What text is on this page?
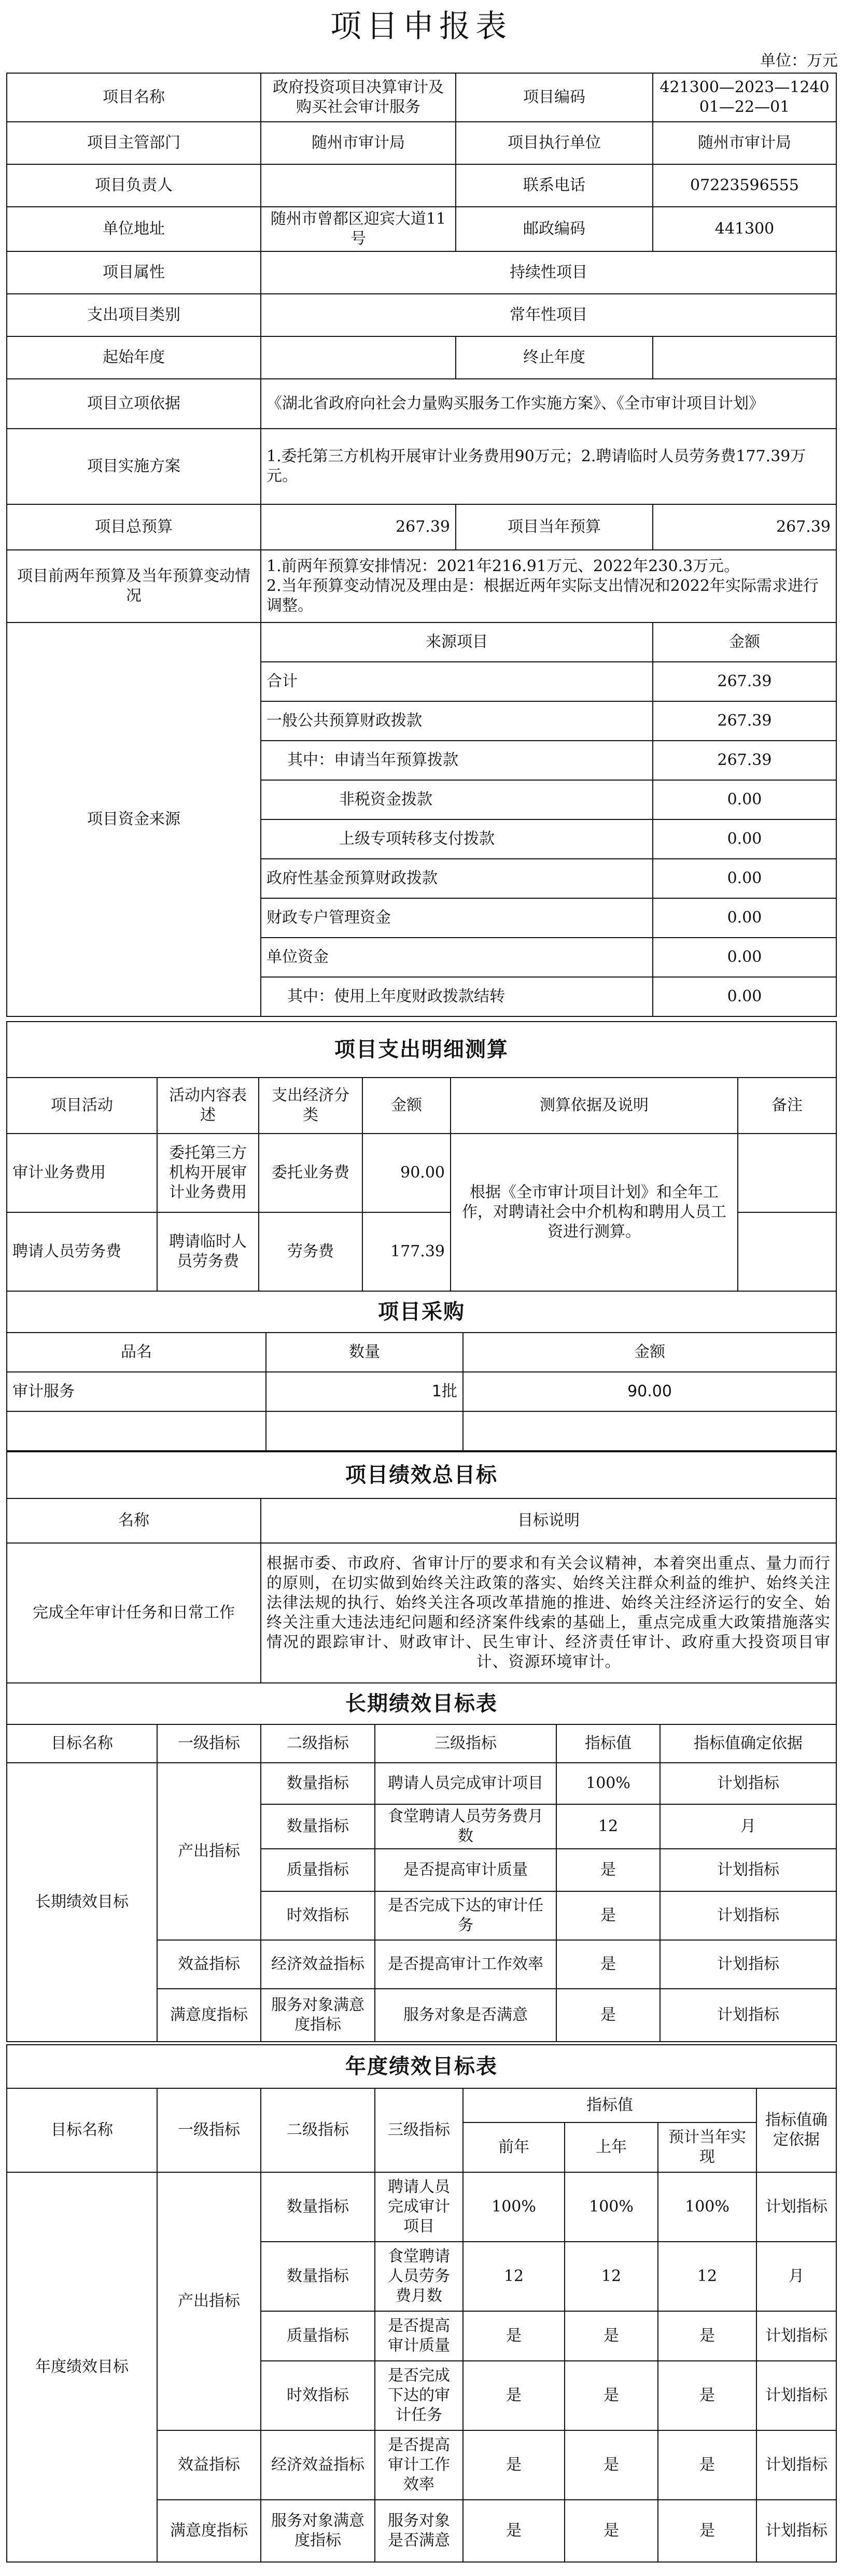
项目申报表
单位：万元
项目名称	政府投资项目决算审计及购买社会审计服务	项目编码	421300—2023—124001—22—01
项目主管部门	随州市审计局	项目执行单位	随州市审计局
项目负责人		联系电话	07223596555
单位地址	随州市曾都区迎宾大道11号	邮政编码	441300
项目属性	持续性项目		
支出项目类别	常年性项目		
起始年度		终止年度	
项目立项依据	《湖北省政府向社会力量购买服务工作实施方案》、《全市审计项目计划》		
项目实施方案	1.委托第三方机构开展审计业务费用90万元；2.聘请临时人员劳务费177.39万元。		
项目总预算	267.39	项目当年预算	267.39
项目前两年预算及当年预算变动情况	1.前两年预算安排情况：2021年216.91万元、2022年230.3万元。
2.当年预算变动情况及理由是：根据近两年实际支出情况和2022年实际需求进行调整。		

项目资金来源	来源项目		金额
	合计		267.39
	一般公共预算财政拨款		267.39
	其中：申请当年预算拨款		267.39
	非税资金拨款		0.00
	上级专项转移支付拨款		0.00
	政府性基金预算财政拨款		0.00
	财政专户管理资金		0.00
	单位资金		0.00
	其中：使用上年度财政拨款结转		0.00
项目支出明细测算					
项目活动	活动内容表述	支出经济分类	金额	测算依据及说明	备注
审计业务费用	委托第三方机构开展审计业务费用	委托业务费	90.00	根据《全市审计项目计划》和全年工作，对聘请社会中介机构和聘用人员工资进行测算。	
聘请人员劳务费	聘请临时人员劳务费	劳务费	177.39		
项目采购		
品名	数量	金额
审计服务	1批	90.00

项目绩效总目标	
名称	目标说明
完成全年审计任务和日常工作	根据市委、市政府、省审计厅的要求和有关会议精神，本着突出重点、量力而行的原则，在切实做到始终关注政策的落实、始终关注群众利益的维护、始终关注法律法规的执行、始终关注各项改革措施的推进、始终关注经济运行的安全、始终关注重大违法违纪问题和经济案件线索的基础上，重点完成重大政策措施落实情况的跟踪审计、财政审计、民生审计、经济责任审计、政府重大投资项目审计、资源环境审计。
长期绩效目标表					
目标名称	一级指标	二级指标	三级指标	指标值	指标值确定依据
长期绩效目标	产出指标	数量指标	聘请人员完成审计项目	100%	计划指标
		数量指标	食堂聘请人员劳务费月数	12	月
		质量指标	是否提高审计质量	是	计划指标
		时效指标	是否完成下达的审计任务	是	计划指标
	效益指标	经济效益指标	是否提高审计工作效率	是	计划指标
	满意度指标	服务对象满意度指标	服务对象是否满意	是	计划指标
年度绩效目标表							
目标名称	一级指标	二级指标	三级指标	指标值			指标值确定依据
				前年	上年	预计当年实现	
年度绩效目标	产出指标	数量指标	聘请人员完成审计项目	100%	100%	100%	计划指标
		数量指标	食堂聘请人员劳务费月数	12	12	12	月
		质量指标	是否提高审计质量	是	是	是	计划指标
		时效指标	是否完成下达的审计任务	是	是	是	计划指标
	效益指标	经济效益指标	是否提高审计工作效率	是	是	是	计划指标
	满意度指标	服务对象满意度指标	服务对象是否满意	是	是	是	计划指标
